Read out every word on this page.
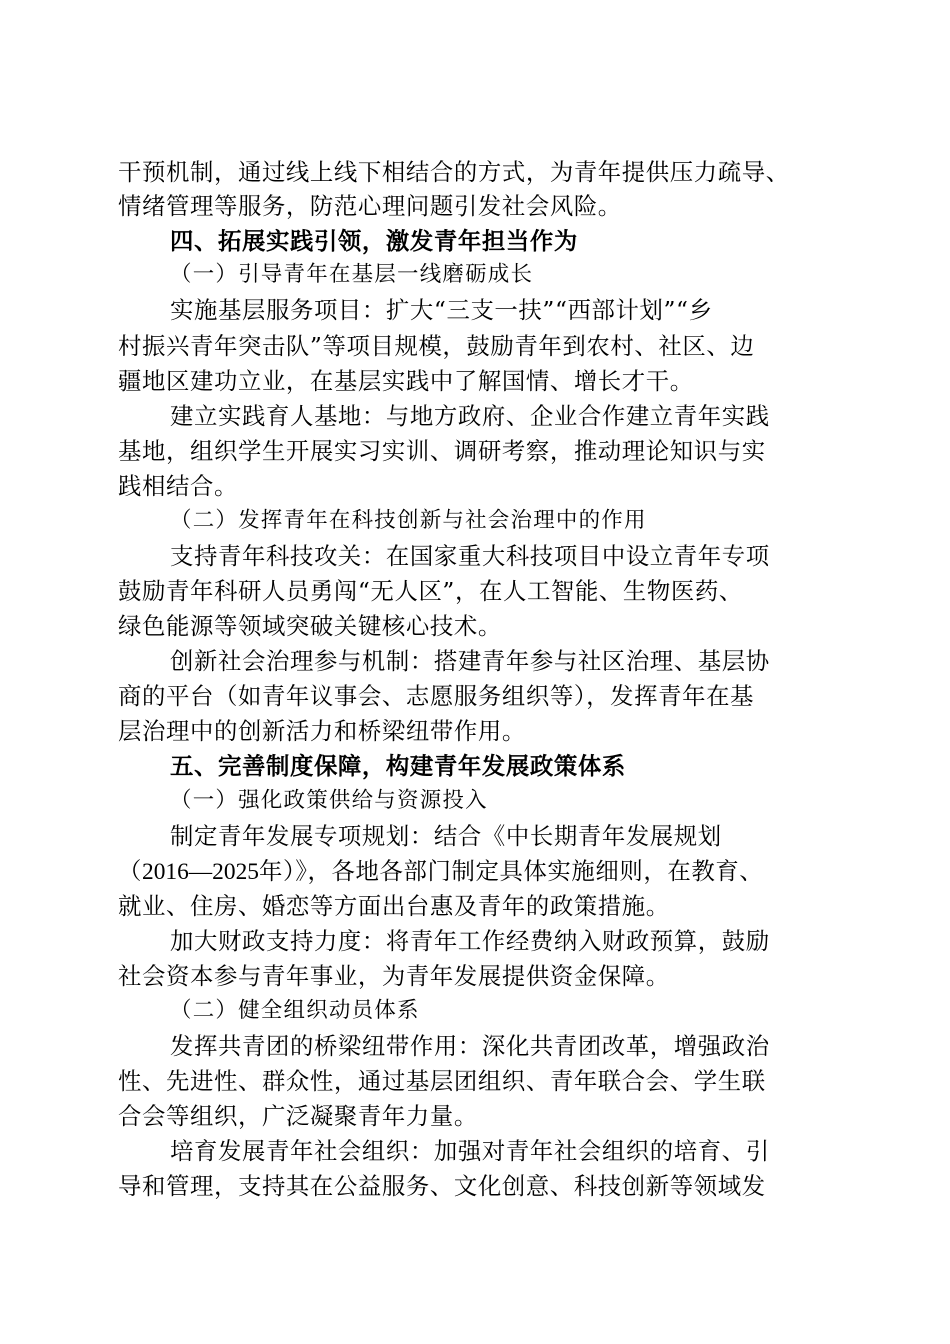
干预机制，通过线上线下相结合的方式，为青年提供压力疏导、
情绪管理等服务，防范心理问题引发社会风险。
四、拓展实践引领，激发青年担当作为
（一）引导青年在基层一线磨砺成长
实施基层服务项目：扩大“三支一扶”“西部计划”“乡
村振兴青年突击队”等项目规模，鼓励青年到农村、社区、边
疆地区建功立业，在基层实践中了解国情、增长才干。
建立实践育人基地：与地方政府、企业合作建立青年实践
基地，组织学生开展实习实训、调研考察，推动理论知识与实
践相结合。
（二）发挥青年在科技创新与社会治理中的作用
支持青年科技攻关：在国家重大科技项目中设立青年专项
鼓励青年科研人员勇闯“无人区”，在人工智能、生物医药、
绿色能源等领域突破关键核心技术。
创新社会治理参与机制：搭建青年参与社区治理、基层协
商的平台（如青年议事会、志愿服务组织等），发挥青年在基
层治理中的创新活力和桥梁纽带作用。
五、完善制度保障，构建青年发展政策体系
（一）强化政策供给与资源投入
制定青年发展专项规划：结合《中长期青年发展规划
（2016—2025年）》，各地各部门制定具体实施细则，在教育、
就业、住房、婚恋等方面出台惠及青年的政策措施。
加大财政支持力度：将青年工作经费纳入财政预算，鼓励
社会资本参与青年事业，为青年发展提供资金保障。
（二）健全组织动员体系
发挥共青团的桥梁纽带作用：深化共青团改革，增强政治
性、先进性、群众性，通过基层团组织、青年联合会、学生联
合会等组织，广泛凝聚青年力量。
培育发展青年社会组织：加强对青年社会组织的培育、引
导和管理，支持其在公益服务、文化创意、科技创新等领域发
